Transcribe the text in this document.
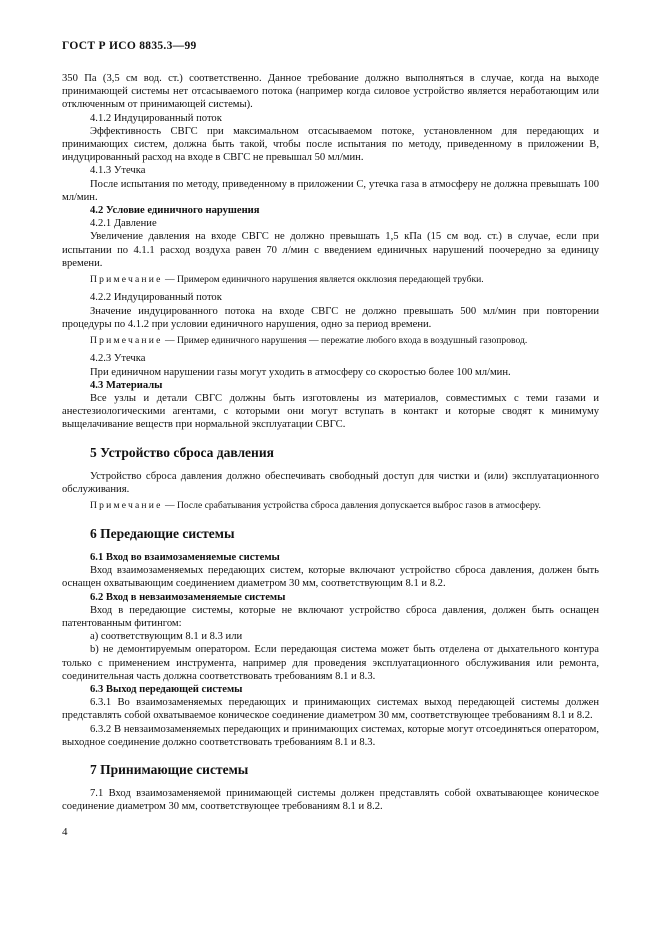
ГОСТ Р ИСО 8835.3—99

350 Па (3,5 см вод. ст.) соответственно. Данное требование должно выполняться в случае, когда на выходе принимающей системы нет отсасываемого потока (например когда силовое устройство является неработающим или отключенным от принимающей системы).

4.1.2 Индуцированный поток

Эффективность СВГС при максимальном отсасываемом потоке, установленном для передающих и принимающих систем, должна быть такой, чтобы после испытания по методу, приведенному в приложении В, индуцированный расход на входе в СВГС не превышал 50 мл/мин.

4.1.3 Утечка

После испытания по методу, приведенному в приложении С, утечка газа в атмосферу не должна превышать 100 мл/мин.

4.2 Условие единичного нарушения

4.2.1 Давление

Увеличение давления на входе СВГС не должно превышать 1,5 кПа (15 см вод. ст.) в случае, если при испытании по 4.1.1 расход воздуха равен 70 л/мин с введением единичных нарушений поочередно за единицу времени.

Примечание — Примером единичного нарушения является окклюзия передающей трубки.

4.2.2 Индуцированный поток

Значение индуцированного потока на входе СВГС не должно превышать 500 мл/мин при повторении процедуры по 4.1.2 при условии единичного нарушения, одно за период времени.

Примечание — Пример единичного нарушения — пережатие любого входа в воздушный газопровод.

4.2.3 Утечка

При единичном нарушении газы могут уходить в атмосферу со скоростью более 100 мл/мин.

4.3 Материалы

Все узлы и детали СВГС должны быть изготовлены из материалов, совместимых с теми газами и анестезиологическими агентами, с которыми они могут вступать в контакт и которые сводят к минимуму выщелачивание веществ при нормальной эксплуатации СВГС.

5 Устройство сброса давления

Устройство сброса давления должно обеспечивать свободный доступ для чистки и (или) эксплуатационного обслуживания.

Примечание — После срабатывания устройства сброса давления допускается выброс газов в атмосферу.

6 Передающие системы

6.1 Вход во взаимозаменяемые системы

Вход взаимозаменяемых передающих систем, которые включают устройство сброса давления, должен быть оснащен охватывающим соединением диаметром 30 мм, соответствующим 8.1 и 8.2.

6.2 Вход в невзаимозаменяемые системы

Вход в передающие системы, которые не включают устройство сброса давления, должен быть оснащен патентованным фитингом:

a) соответствующим 8.1 и 8.3 или

b) не демонтируемым оператором. Если передающая система может быть отделена от дыхательного контура только с применением инструмента, например для проведения эксплуатационного обслуживания или ремонта, соединительная часть должна соответствовать требованиям 8.1 и 8.3.

6.3 Выход передающей системы

6.3.1 Во взаимозаменяемых передающих и принимающих системах выход передающей системы должен представлять собой охватываемое коническое соединение диаметром 30 мм, соответствующее требованиям 8.1 и 8.2.

6.3.2 В невзаимозаменяемых передающих и принимающих системах, которые могут отсоединяться оператором, выходное соединение должно соответствовать требованиям 8.1 и 8.3.

7 Принимающие системы

7.1 Вход взаимозаменяемой принимающей системы должен представлять собой охватывающее коническое соединение диаметром 30 мм, соответствующее требованиям 8.1 и 8.2.

4
